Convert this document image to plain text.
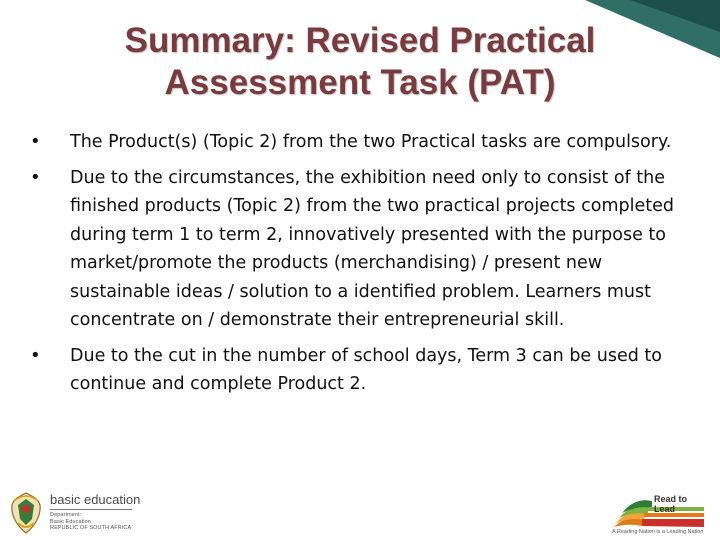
Summary: Revised Practical
Assessment Task (PAT)
• The Product(s) (Topic 2) from the two Practical tasks are compulsory.
• Due to the circumstances, the exhibition need only to consist of the finished products (Topic 2) from the two practical projects completed during term 1 to term 2, innovatively presented with the purpose to market/promote the products (merchandising) / present new sustainable ideas / solution to a identified problem. Learners must concentrate on / demonstrate their entrepreneurial skill.
• Due to the cut in the number of school days, Term 3 can be used to continue and complete Product 2.
basic education
Department:
Basic Education
REPUBLIC OF SOUTH AFRICA
Read to Lead
A Reading Nation is a Leading Nation
